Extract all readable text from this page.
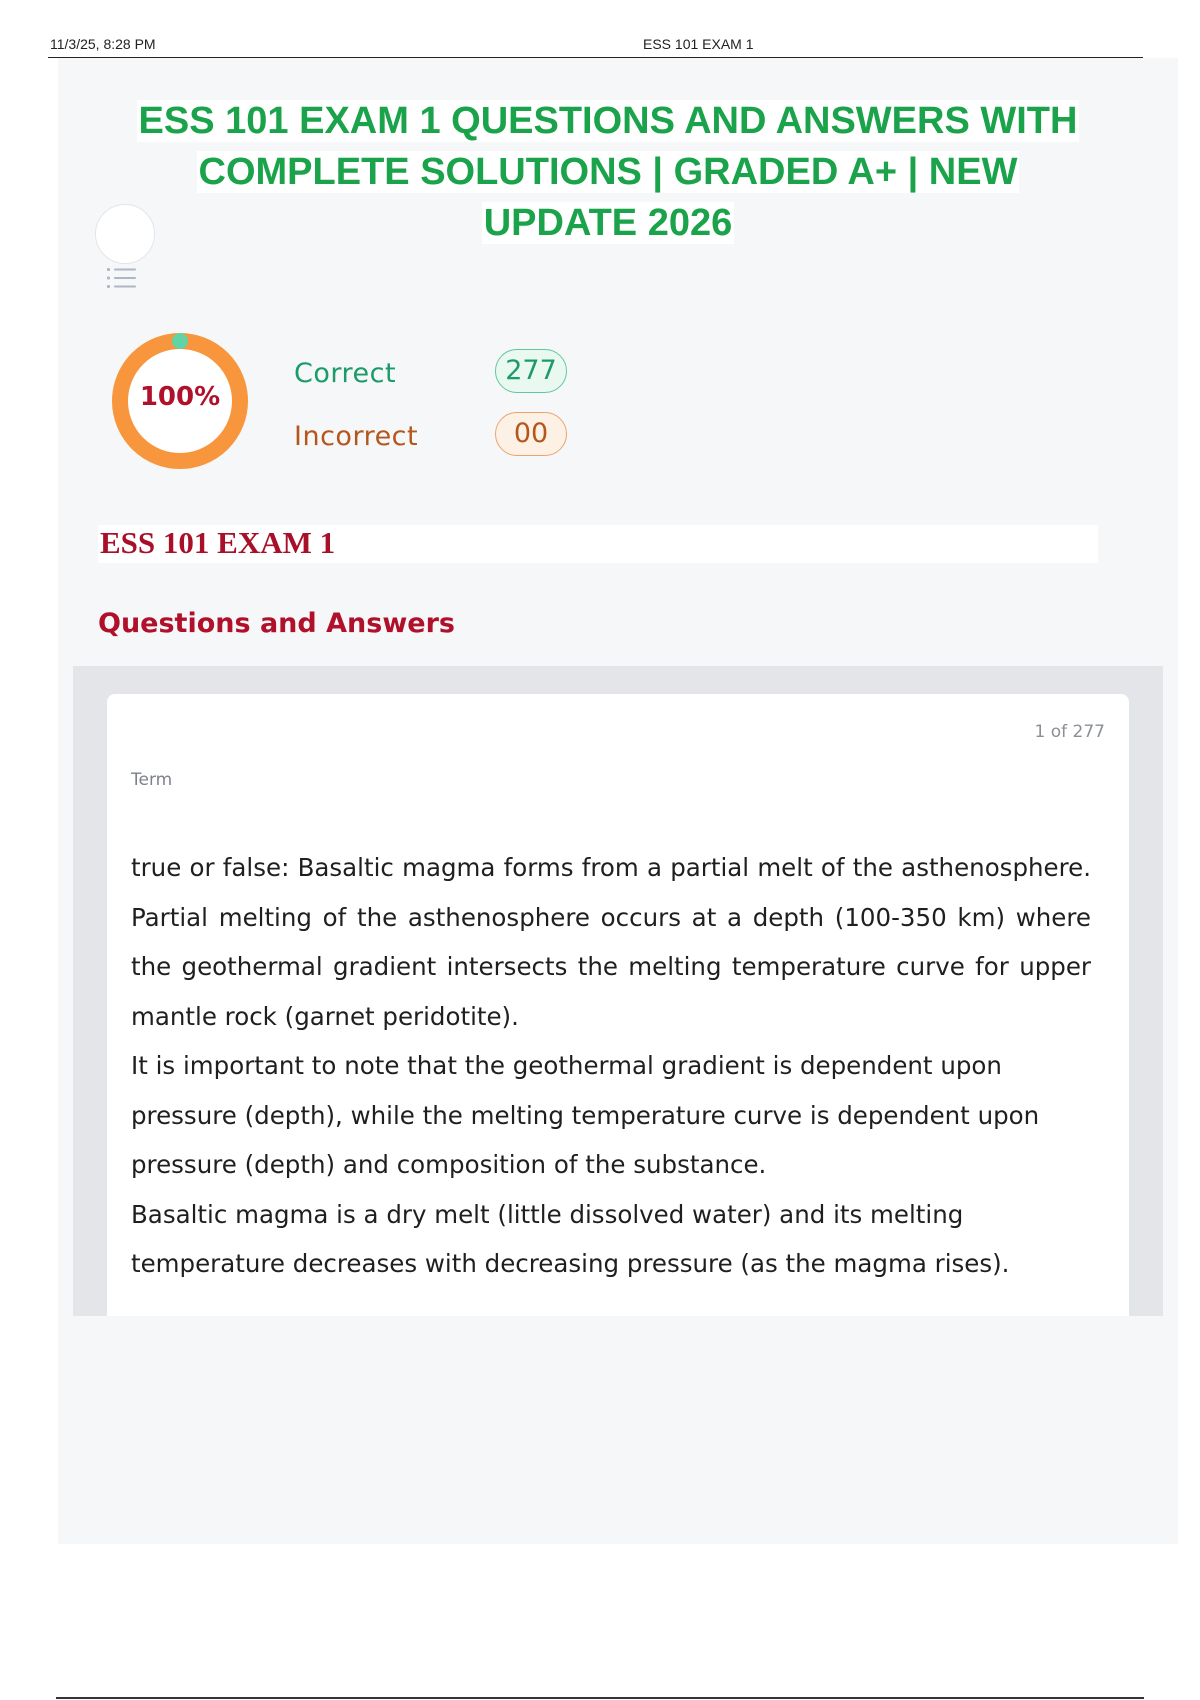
11/3/25, 8:28 PM	ESS 101 EXAM 1
ESS 101 EXAM 1 QUESTIONS AND ANSWERS WITH
COMPLETE SOLUTIONS | GRADED A+ | NEW
UPDATE 2026
100%
Correct	277
Incorrect	00
ESS 101 EXAM 1
Questions and Answers
1 of 277
Term

true or false: Basaltic magma forms from a partial melt of the asthenosphere. Partial melting of the asthenosphere occurs at a depth (100-350 km) where the geothermal gradient intersects the melting temperature curve for upper mantle rock (garnet peridotite).

It is important to note that the geothermal gradient is dependent upon pressure (depth), while the melting temperature curve is dependent upon pressure (depth) and composition of the substance.

Basaltic magma is a dry melt (little dissolved water) and its melting temperature decreases with decreasing pressure (as the magma rises).
